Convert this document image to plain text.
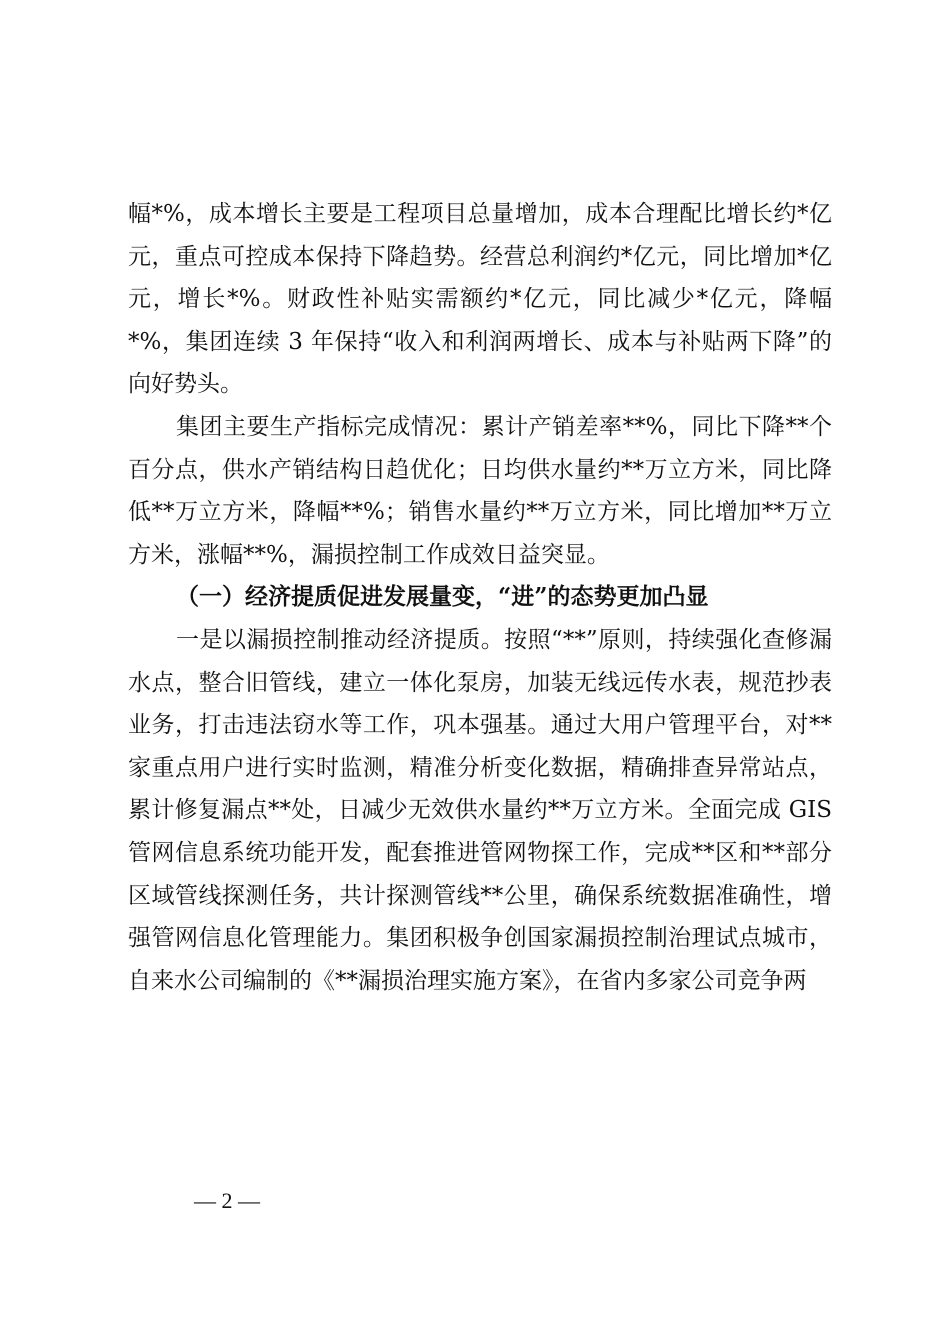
幅*%，成本增长主要是工程项目总量增加，成本合理配比增长约*亿元，重点可控成本保持下降趋势。经营总利润约*亿元，同比增加*亿元，增长*%。财政性补贴实需额约*亿元，同比减少*亿元，降幅*%，集团连续 3 年保持“收入和利润两增长、成本与补贴两下降”的向好势头。

集团主要生产指标完成情况：累计产销差率**%，同比下降**个百分点，供水产销结构日趋优化；日均供水量约**万立方米，同比降低**万立方米，降幅**%；销售水量约**万立方米，同比增加**万立方米，涨幅**%，漏损控制工作成效日益突显。

（一）经济提质促进发展量变，“进”的态势更加凸显

一是以漏损控制推动经济提质。按照“**”原则，持续强化查修漏水点，整合旧管线，建立一体化泵房，加装无线远传水表，规范抄表业务，打击违法窃水等工作，巩本强基。通过大用户管理平台，对**家重点用户进行实时监测，精准分析变化数据，精确排查异常站点，累计修复漏点**处，日减少无效供水量约**万立方米。全面完成 GIS 管网信息系统功能开发，配套推进管网物探工作，完成**区和**部分区域管线探测任务，共计探测管线**公里，确保系统数据准确性，增强管网信息化管理能力。集团积极争创国家漏损控制治理试点城市，自来水公司编制的《**漏损治理实施方案》，在省内多家公司竞争两

— 2 —
